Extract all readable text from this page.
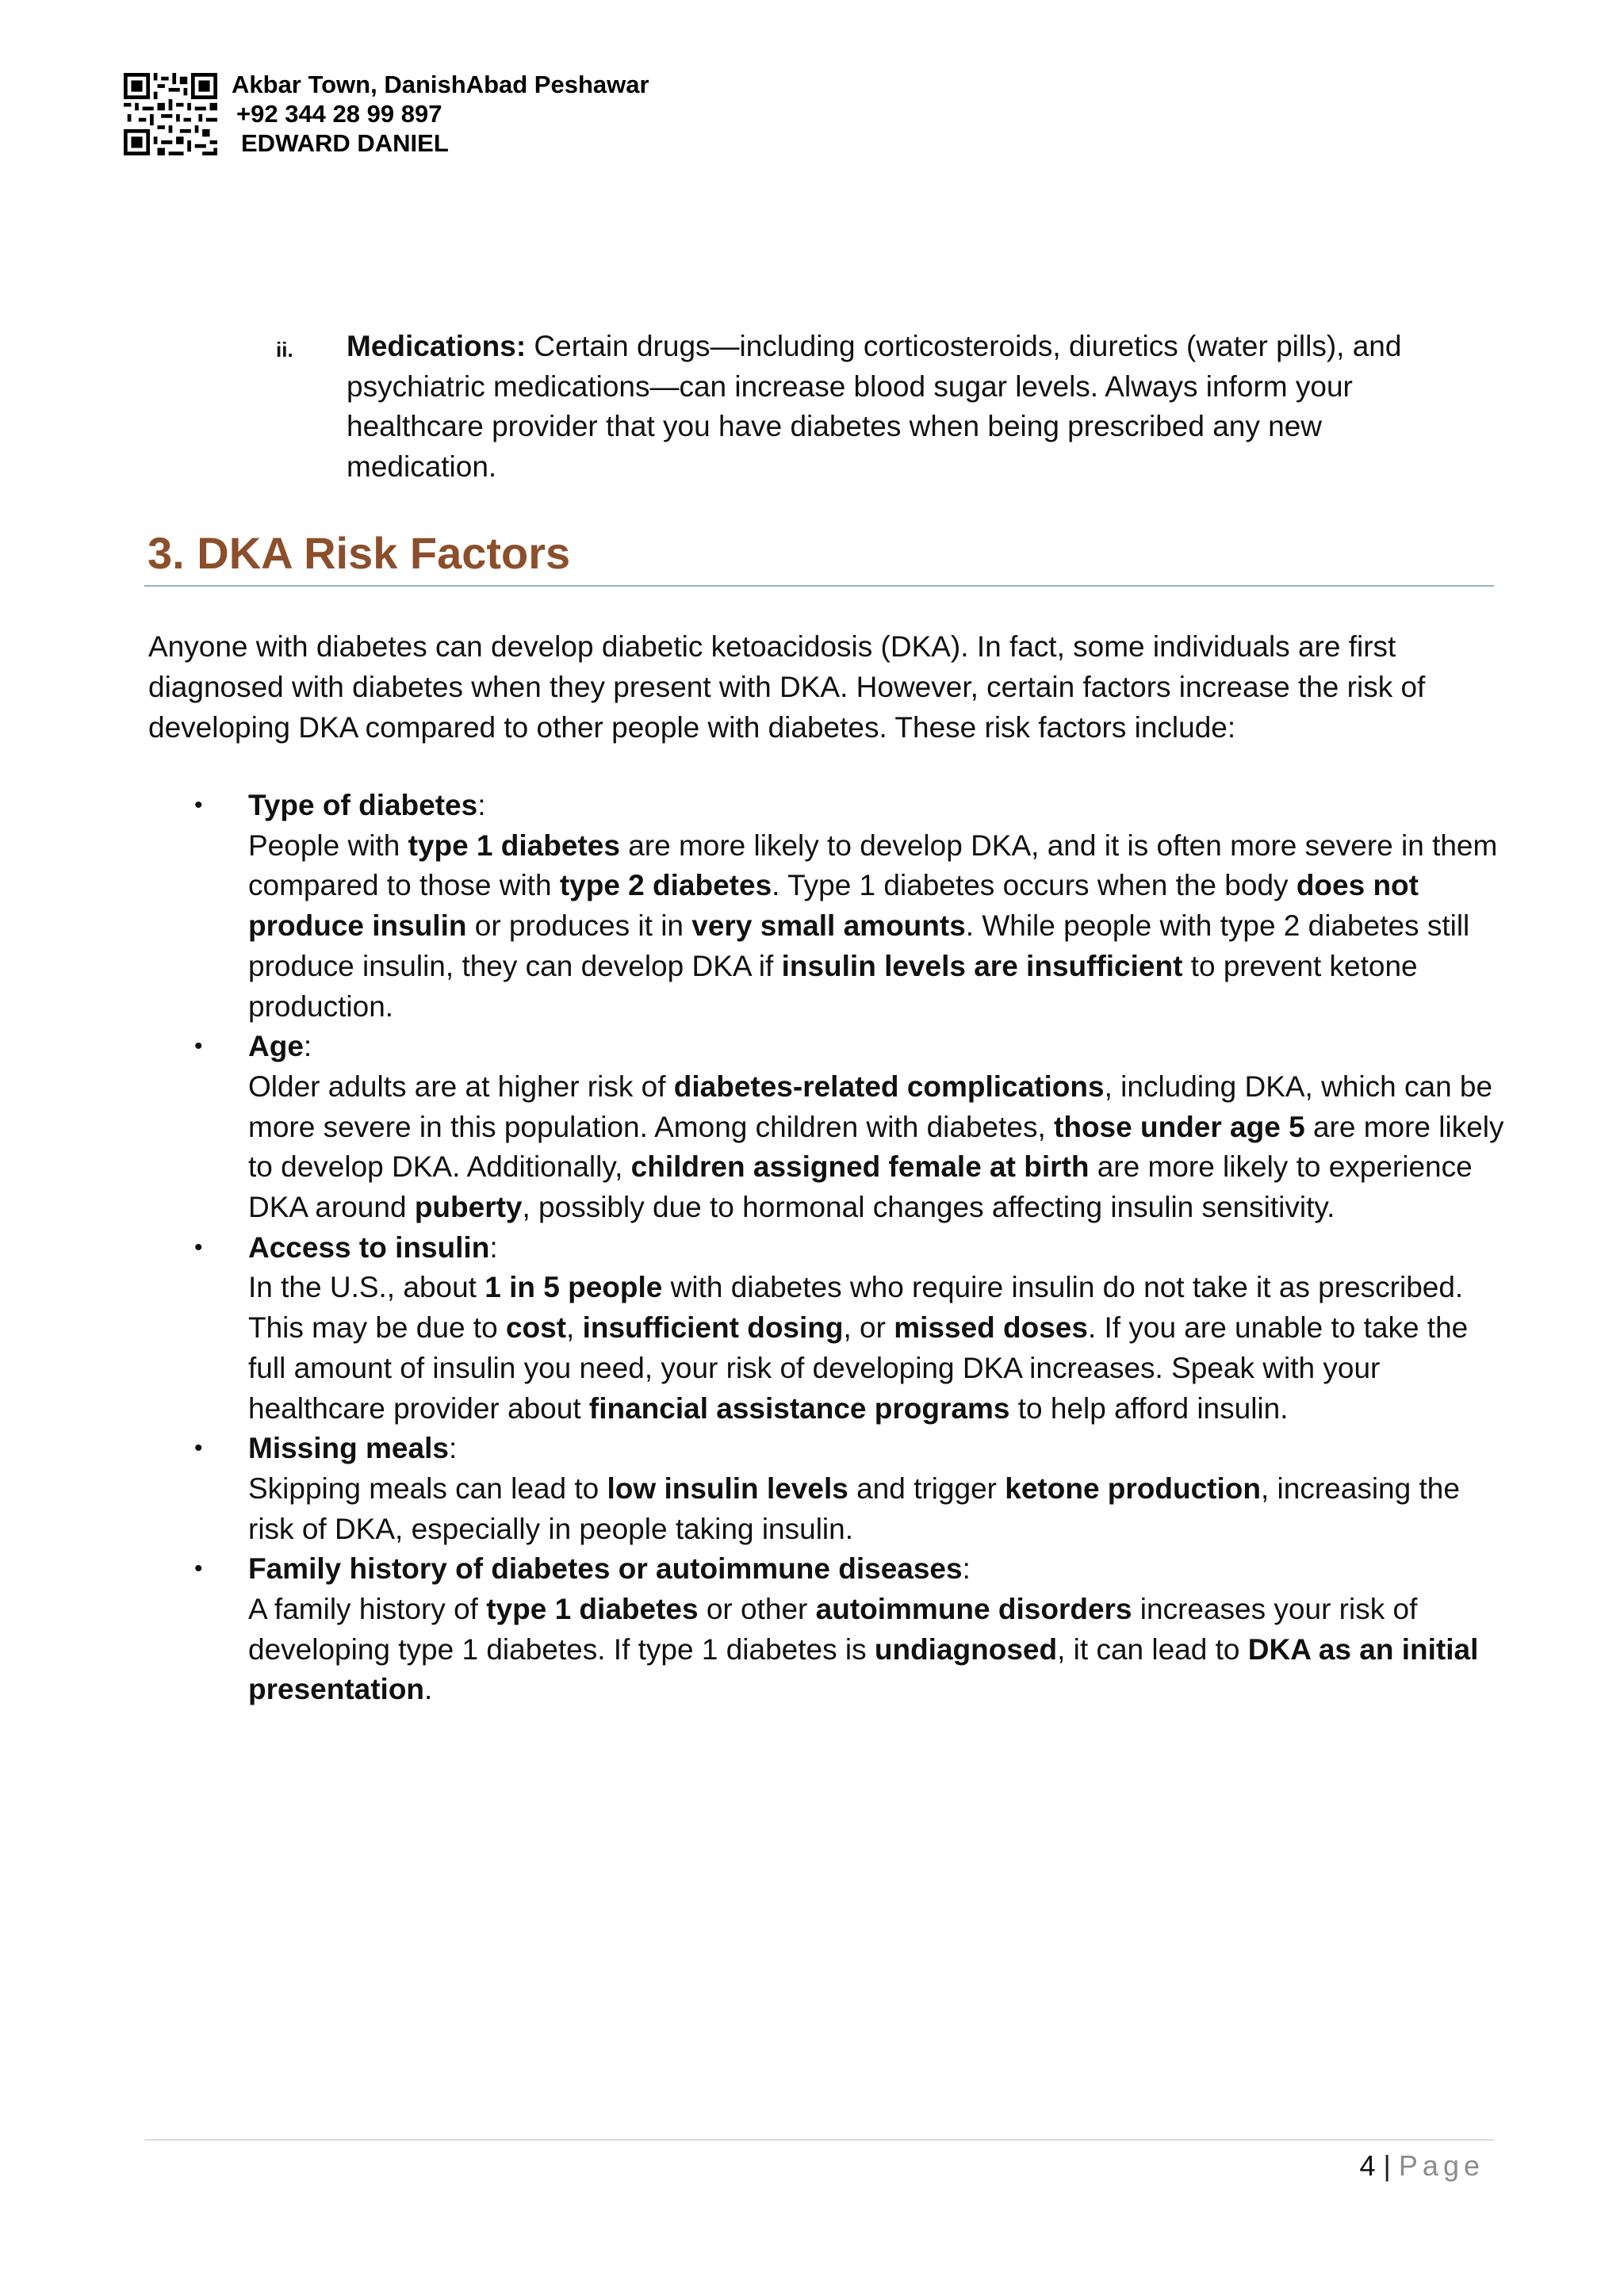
Akbar Town, DanishAbad Peshawar
+92 344 28 99 897
EDWARD DANIEL
ii. Medications: Certain drugs—including corticosteroids, diuretics (water pills), and psychiatric medications—can increase blood sugar levels. Always inform your healthcare provider that you have diabetes when being prescribed any new medication.
3. DKA Risk Factors

Anyone with diabetes can develop diabetic ketoacidosis (DKA). In fact, some individuals are first diagnosed with diabetes when they present with DKA. However, certain factors increase the risk of developing DKA compared to other people with diabetes. These risk factors include:

• Type of diabetes:
People with type 1 diabetes are more likely to develop DKA, and it is often more severe in them compared to those with type 2 diabetes. Type 1 diabetes occurs when the body does not produce insulin or produces it in very small amounts. While people with type 2 diabetes still produce insulin, they can develop DKA if insulin levels are insufficient to prevent ketone production.
• Age:
Older adults are at higher risk of diabetes-related complications, including DKA, which can be more severe in this population. Among children with diabetes, those under age 5 are more likely to develop DKA. Additionally, children assigned female at birth are more likely to experience DKA around puberty, possibly due to hormonal changes affecting insulin sensitivity.
• Access to insulin:
In the U.S., about 1 in 5 people with diabetes who require insulin do not take it as prescribed. This may be due to cost, insufficient dosing, or missed doses. If you are unable to take the full amount of insulin you need, your risk of developing DKA increases. Speak with your healthcare provider about financial assistance programs to help afford insulin.
• Missing meals:
Skipping meals can lead to low insulin levels and trigger ketone production, increasing the risk of DKA, especially in people taking insulin.
• Family history of diabetes or autoimmune diseases:
A family history of type 1 diabetes or other autoimmune disorders increases your risk of developing type 1 diabetes. If type 1 diabetes is undiagnosed, it can lead to DKA as an initial presentation.
4 | Page
